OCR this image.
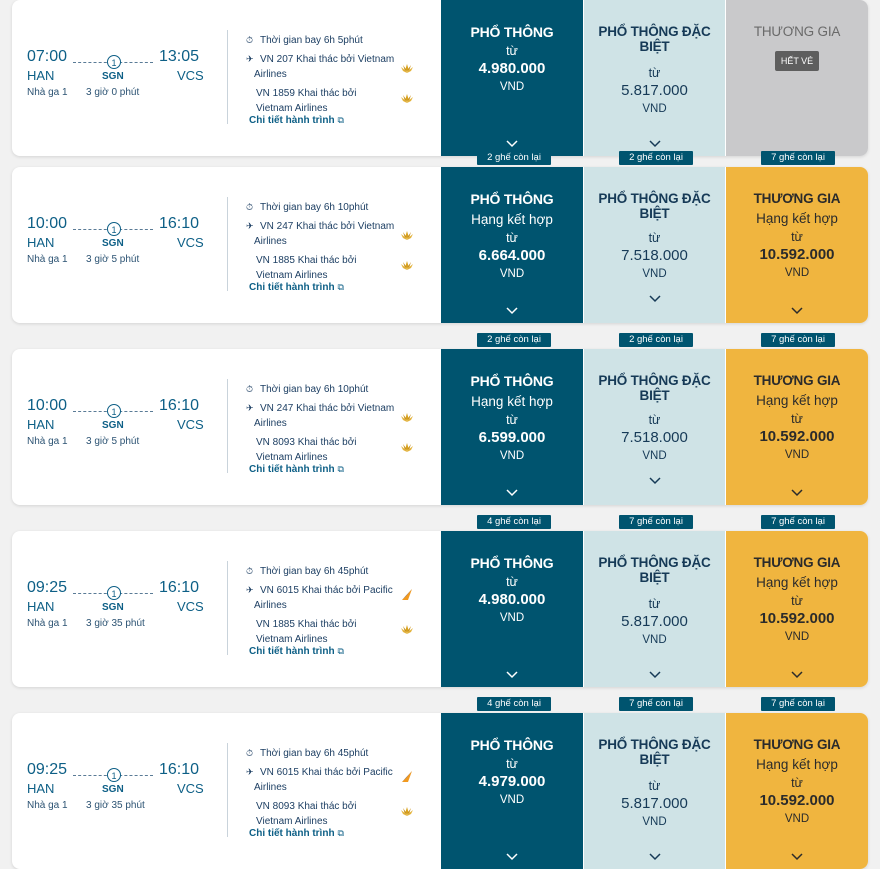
07:00	13:05
HAN	VCS
Nhà ga 1
1
SGN
3 giờ 0 phút
⏱ Thời gian bay 6h 5phút
✈ VN 207 Khai thác bởi Vietnam
Airlines
VN 1859 Khai thác bởi
Vietnam Airlines
Chi tiết hành trình ⧉
PHỔ THÔNG
từ
4.980.000
VND
PHỔ THÔNG ĐẶC BIỆT
từ
5.817.000
VND
THƯƠNG GIA
HẾT VÉ
10:00	16:10
HAN	VCS
Nhà ga 1
1
SGN
3 giờ 5 phút
⏱ Thời gian bay 6h 10phút
✈ VN 247 Khai thác bởi Vietnam
Airlines
VN 1885 Khai thác bởi
Vietnam Airlines
Chi tiết hành trình ⧉
PHỔ THÔNG
Hạng kết hợp
từ
6.664.000
VND
PHỔ THÔNG ĐẶC BIỆT
từ
7.518.000
VND
THƯƠNG GIA
Hạng kết hợp
từ
10.592.000
VND
2 ghế còn lại	2 ghế còn lại	7 ghế còn lại
10:00	16:10
HAN	VCS
Nhà ga 1
1
SGN
3 giờ 5 phút
⏱ Thời gian bay 6h 10phút
✈ VN 247 Khai thác bởi Vietnam
Airlines
VN 8093 Khai thác bởi
Vietnam Airlines
Chi tiết hành trình ⧉
PHỔ THÔNG
Hạng kết hợp
từ
6.599.000
VND
PHỔ THÔNG ĐẶC BIỆT
từ
7.518.000
VND
THƯƠNG GIA
Hạng kết hợp
từ
10.592.000
VND
2 ghế còn lại	2 ghế còn lại	7 ghế còn lại
09:25	16:10
HAN	VCS
Nhà ga 1
1
SGN
3 giờ 35 phút
⏱ Thời gian bay 6h 45phút
✈ VN 6015 Khai thác bởi Pacific
Airlines
VN 1885 Khai thác bởi
Vietnam Airlines
Chi tiết hành trình ⧉
PHỔ THÔNG
từ
4.980.000
VND
PHỔ THÔNG ĐẶC BIỆT
từ
5.817.000
VND
THƯƠNG GIA
Hạng kết hợp
từ
10.592.000
VND
4 ghế còn lại	7 ghế còn lại	7 ghế còn lại
09:25	16:10
HAN	VCS
Nhà ga 1
1
SGN
3 giờ 35 phút
⏱ Thời gian bay 6h 45phút
✈ VN 6015 Khai thác bởi Pacific
Airlines
VN 8093 Khai thác bởi
Vietnam Airlines
Chi tiết hành trình ⧉
PHỔ THÔNG
từ
4.979.000
VND
PHỔ THÔNG ĐẶC BIỆT
từ
5.817.000
VND
THƯƠNG GIA
Hạng kết hợp
từ
10.592.000
VND
4 ghế còn lại	7 ghế còn lại	7 ghế còn lại
